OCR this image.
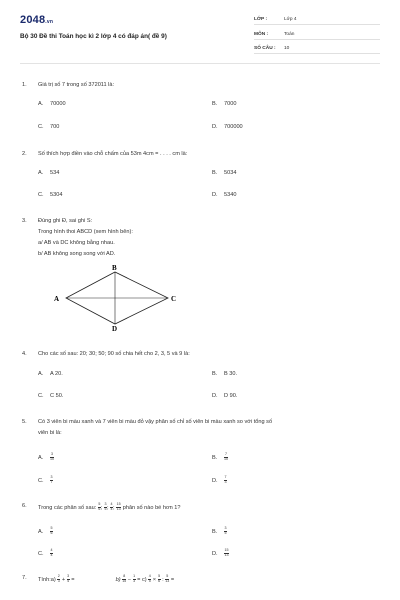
2048.vn
Bộ 30 Đề thi Toán học kì 2 lớp 4 có đáp án( đề 9)
LỚP :	Lớp 4
MÔN :	Toán
SỐ CÂU :	10
1.	Giá trị số 7 trong số 372011 là:
A. 70000	B. 7000
C. 700	D. 700000
2.	Số thích hợp điền vào chỗ chấm của 53m 4cm = . . . . cm là:
A. 534	B. 5034
C. 5304	D. 5340
3.	Đúng ghi Đ, sai ghi S:
Trong hình thoi ABCD (xem hình bên):
a/ AB và DC không bằng nhau.
b/ AB không song song với AD.
B
A	C
D
4.	Cho các số sau: 20; 30; 50; 90 số chia hết cho 2, 3, 5 và 9 là:
A. A 20.	B. B 30.
C. C 50.	D. D 90.
5.	Có 3 viên bi màu xanh và 7 viên bi màu đỏ vậy phân số chỉ số viên bi màu xanh so với tổng số
viên bi là:
A. $\frac{3}{10}$	B. $\frac{7}{10}$
C. $\frac{3}{7}$	D. $\frac{7}{3}$
6.	Trong các phân số sau: $\frac{5}{6}$ ; $\frac{3}{5}$ ; $\frac{4}{4}$ ; $\frac{15}{13}$ phân số nào bé hơn 1?
A. $\frac{5}{6}$	B. $\frac{3}{5}$
C. $\frac{4}{4}$	D. $\frac{15}{13}$
7.	Tính:a) $\frac{2}{3} + \frac{3}{4}$ =	$b) \frac{8}{15} - \frac{1}{3} = c) \frac{4}{5} \times \frac{5}{6}$ : $\frac{5}{13}$ =
